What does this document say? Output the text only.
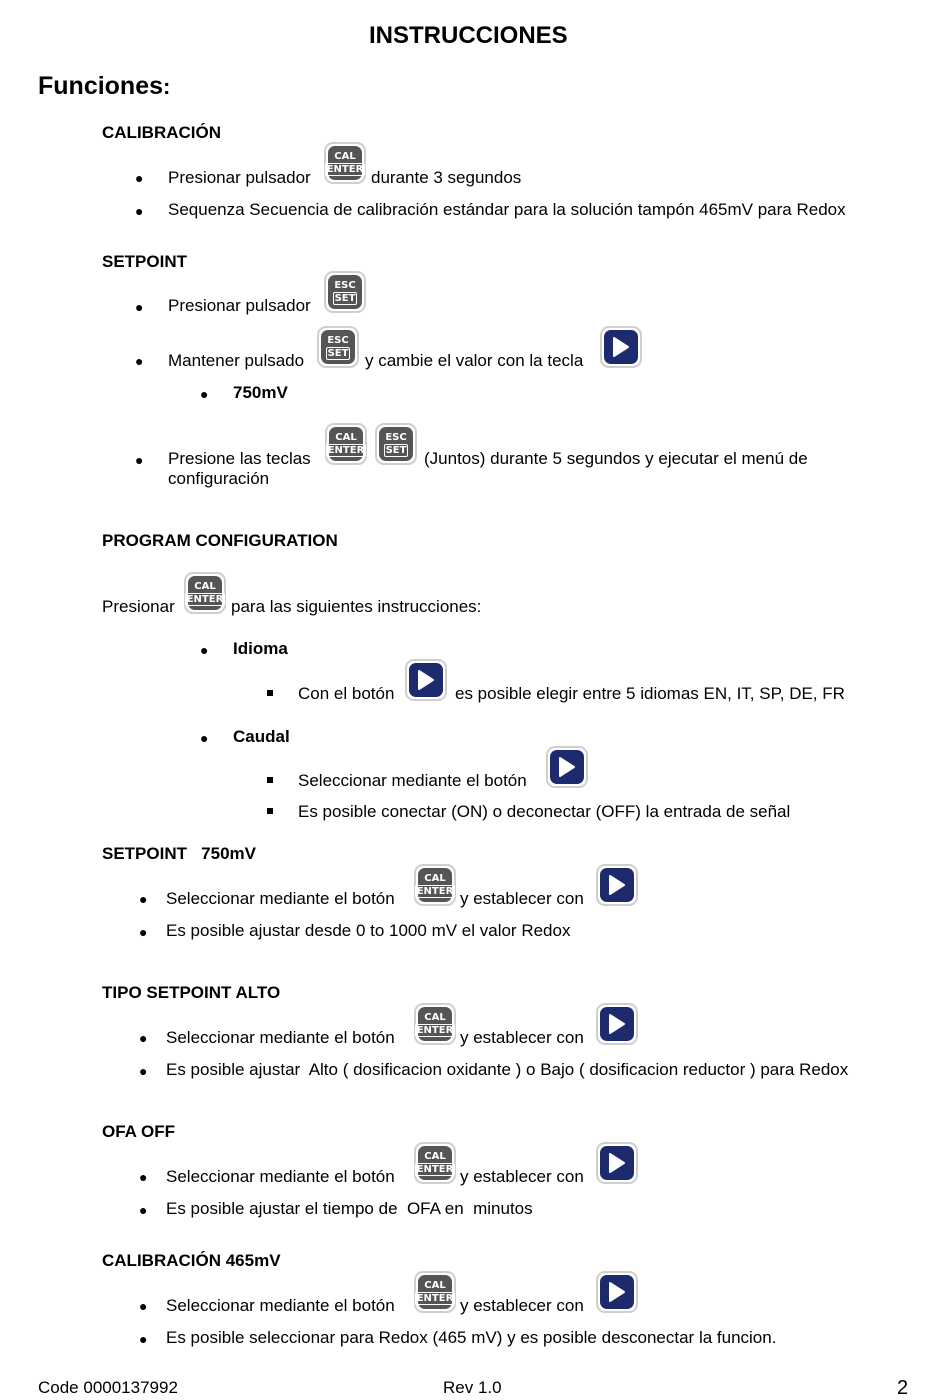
INSTRUCCIONES
Funciones:
CALIBRACIÓN
● Presionar pulsador
CAL
ENTER durante 3 segundos
● Sequenza Secuencia de calibración estándar para la solución tampón 465mV para Redox
SETPOINT
● Presionar pulsador
ESC
SET
● Mantener pulsado
ESC
SET y cambie el valor con la tecla
● 750mV
● Presione las teclas
CAL
ENTER
ESC
SET (Juntos) durante 5 segundos y ejecutar el menú de
configuración
PROGRAM CONFIGURATION
Presionar
CAL
ENTER para las siguientes instrucciones:
● Idioma
Con el botón	es posible elegir entre 5 idiomas EN, IT, SP, DE, FR
● Caudal
Seleccionar mediante el botón
Es posible conectar (ON) o deconectar (OFF) la entrada de señal
SETPOINT   750mV
● Seleccionar mediante el botón
CAL
ENTER y establecer con
● Es posible ajustar desde 0 to 1000 mV el valor Redox
TIPO SETPOINT ALTO
● Seleccionar mediante el botón
CAL
ENTER y establecer con
● Es posible ajustar  Alto ( dosificacion oxidante ) o Bajo ( dosificacion reductor ) para Redox
OFA OFF
● Seleccionar mediante el botón
CAL
ENTER y establecer con
● Es posible ajustar el tiempo de  OFA en  minutos
CALIBRACIÓN 465mV
● Seleccionar mediante el botón
CAL
ENTER y establecer con
● Es posible seleccionar para Redox (465 mV) y es posible desconectar la funcion.
Code 0000137992	Rev 1.0	2
